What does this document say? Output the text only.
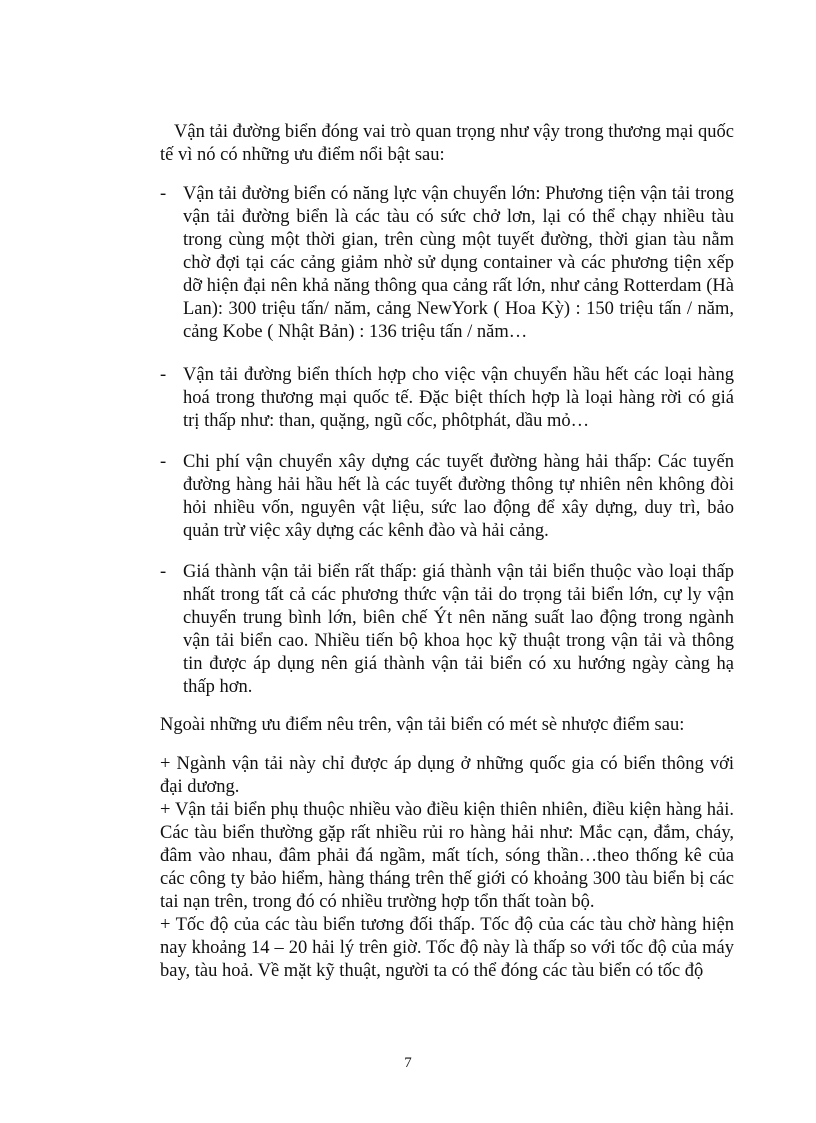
Vận tải đường biển đóng vai trò quan trọng như vậy trong thương mại quốc tế vì nó có những ưu điểm nổi bật sau:

- Vận tải đường biển có năng lực vận chuyển lớn: Phương tiện vận tải trong vận tải đường biển là các tàu có sức chở lơn, lại có thể chạy nhiều tàu trong cùng một thời gian, trên cùng một tuyết đường, thời gian tàu nằm chờ đợi tại các cảng giảm nhờ sử dụng container và các phương tiện xếp dỡ hiện đại nên khả năng thông qua cảng rất lớn, như cảng Rotterdam (Hà Lan): 300 triệu tấn/ năm, cảng NewYork ( Hoa Kỳ) : 150 triệu tấn / năm, cảng Kobe ( Nhật Bản) : 136 triệu tấn / năm…

- Vận tải đường biển thích hợp cho việc vận chuyển hầu hết các loại hàng hoá trong thương mại quốc tế. Đặc biệt thích hợp là loại hàng rời có giá trị thấp như: than, quặng, ngũ cốc, phôtphát, dầu mỏ…

- Chi phí vận chuyển xây dựng các tuyết đường hàng hải thấp: Các tuyến đường hàng hải hầu hết là các tuyết đường thông tự nhiên nên không đòi hỏi nhiều vốn, nguyên vật liệu, sức lao động để xây dựng, duy trì, bảo quản trừ việc xây dựng các kênh đào và hải cảng.

- Giá thành vận tải biển rất thấp: giá thành vận tải biển thuộc vào loại thấp nhất trong tất cả các phương thức vận tải do trọng tải biển lớn, cự ly vận chuyển trung bình lớn, biên chế Ýt nên năng suất lao động trong ngành vận tải biển cao. Nhiều tiến bộ khoa học kỹ thuật trong vận tải và thông tin được áp dụng nên giá thành vận tải biển có xu hướng ngày càng hạ thấp hơn.

Ngoài những ưu điểm nêu trên, vận tải biển có mét sè nhược điểm sau:

+ Ngành vận tải này chỉ được áp dụng ở những quốc gia có biển thông với đại dương.

+ Vận tải biển phụ thuộc nhiều vào điều kiện thiên nhiên, điều kiện hàng hải. Các tàu biển thường gặp rất nhiều rủi ro hàng hải như: Mắc cạn, đắm, cháy, đâm vào nhau, đâm phải đá ngầm, mất tích, sóng thần…theo thống kê của các công ty bảo hiểm, hàng tháng trên thế giới có khoảng 300 tàu biển bị các tai nạn trên, trong đó có nhiều trường hợp tổn thất toàn bộ.

+ Tốc độ của các tàu biển tương đối thấp. Tốc độ của các tàu chờ hàng hiện nay khoảng 14 – 20 hải lý trên giờ. Tốc độ này là thấp so với tốc độ của máy bay, tàu hoả. Về mặt kỹ thuật, người ta có thể đóng các tàu biển có tốc độ

7
